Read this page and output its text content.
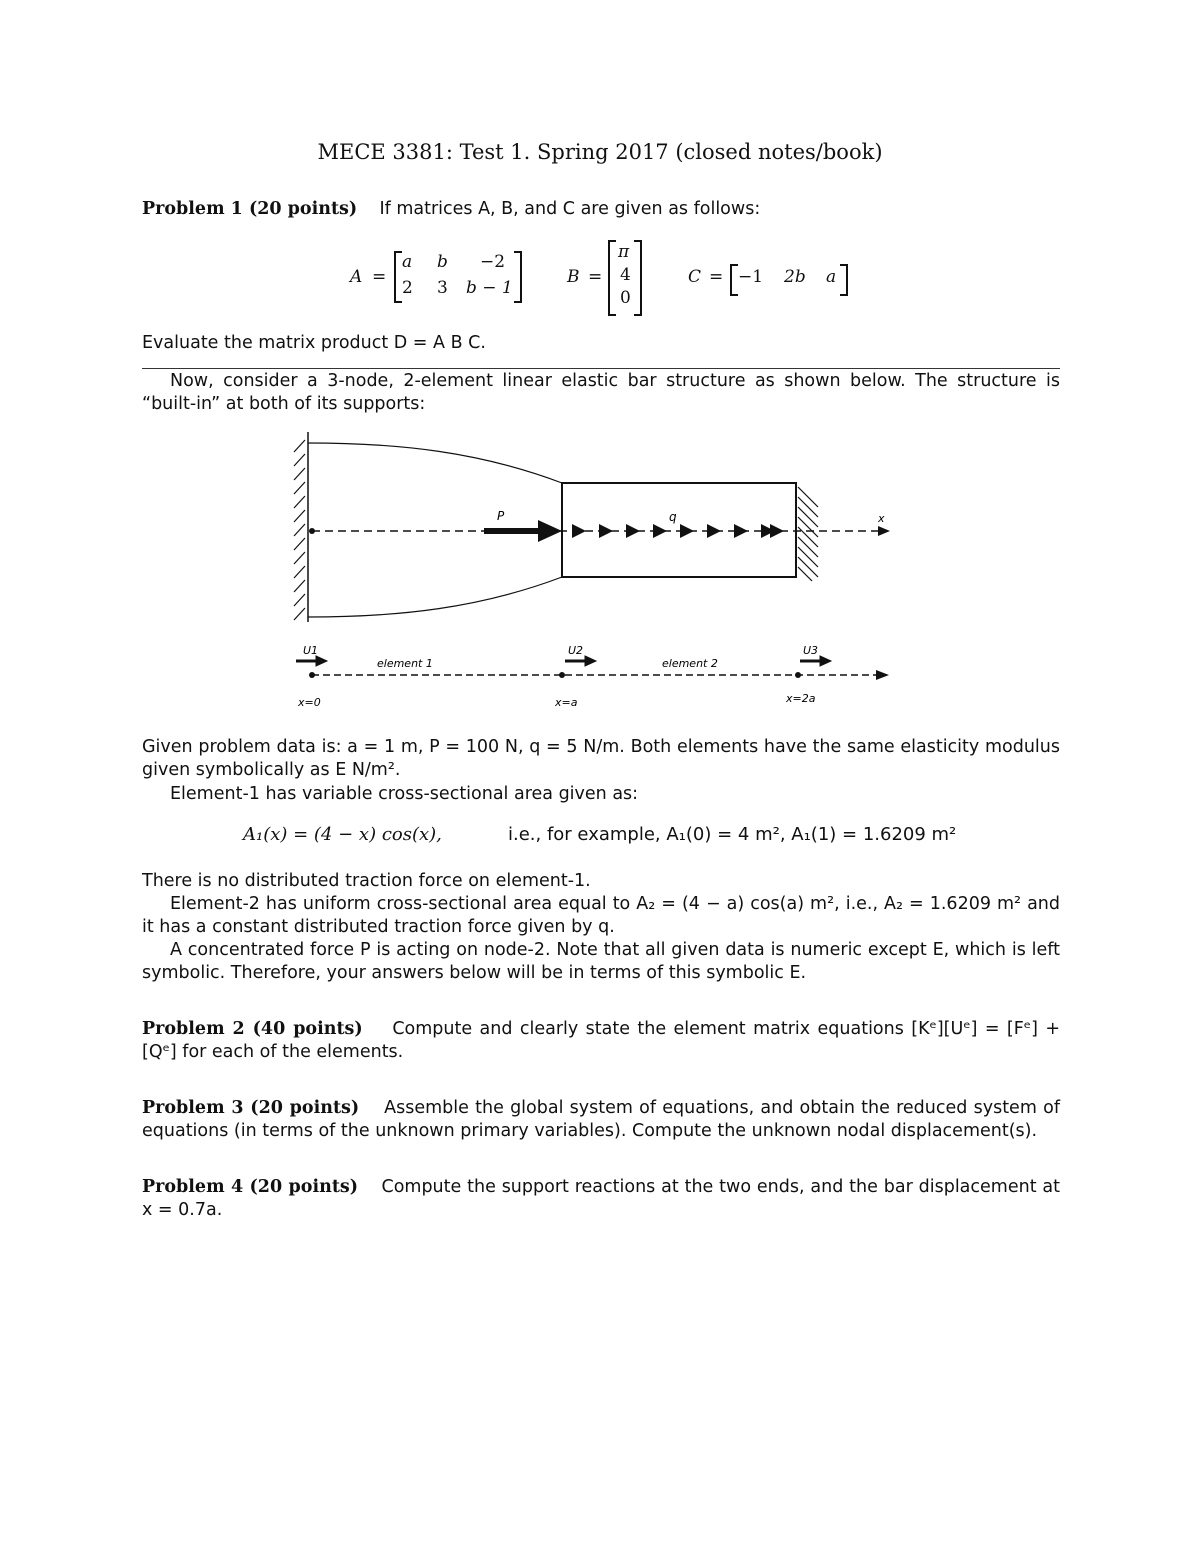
MECE 3381: Test 1. Spring 2017 (closed notes/book)
Problem 1 (20 points) If matrices A, B, and C are given as follows:
A =
a b −2
2 3 b − 1
B =
π
4
0
C = −1 2b a
Evaluate the matrix product D = A B C.
Now, consider a 3-node, 2-element linear elastic bar structure as shown below. The structure is “built-in” at both of its supports:
P	q	x
U1	U2	U3
element 1	element 2
x=0	x=a	x=2a
Given problem data is: a = 1 m, P = 100 N, q = 5 N/m. Both elements have the same elasticity modulus given symbolically as E N/m².
Element-1 has variable cross-sectional area given as:
A₁(x) = (4 − x) cos(x),	i.e., for example, A₁(0) = 4 m², A₁(1) = 1.6209 m²
There is no distributed traction force on element-1.
Element-2 has uniform cross-sectional area equal to A₂ = (4 − a) cos(a) m², i.e., A₂ = 1.6209 m² and it has a constant distributed traction force given by q.
A concentrated force P is acting on node-2. Note that all given data is numeric except E, which is left symbolic. Therefore, your answers below will be in terms of this symbolic E.
Problem 2 (40 points) Compute and clearly state the element matrix equations [Kᵉ][Uᵉ] = [Fᵉ] + [Qᵉ] for each of the elements.
Problem 3 (20 points) Assemble the global system of equations, and obtain the reduced system of equations (in terms of the unknown primary variables). Compute the unknown nodal displacement(s).
Problem 4 (20 points) Compute the support reactions at the two ends, and the bar displacement at x = 0.7a.
